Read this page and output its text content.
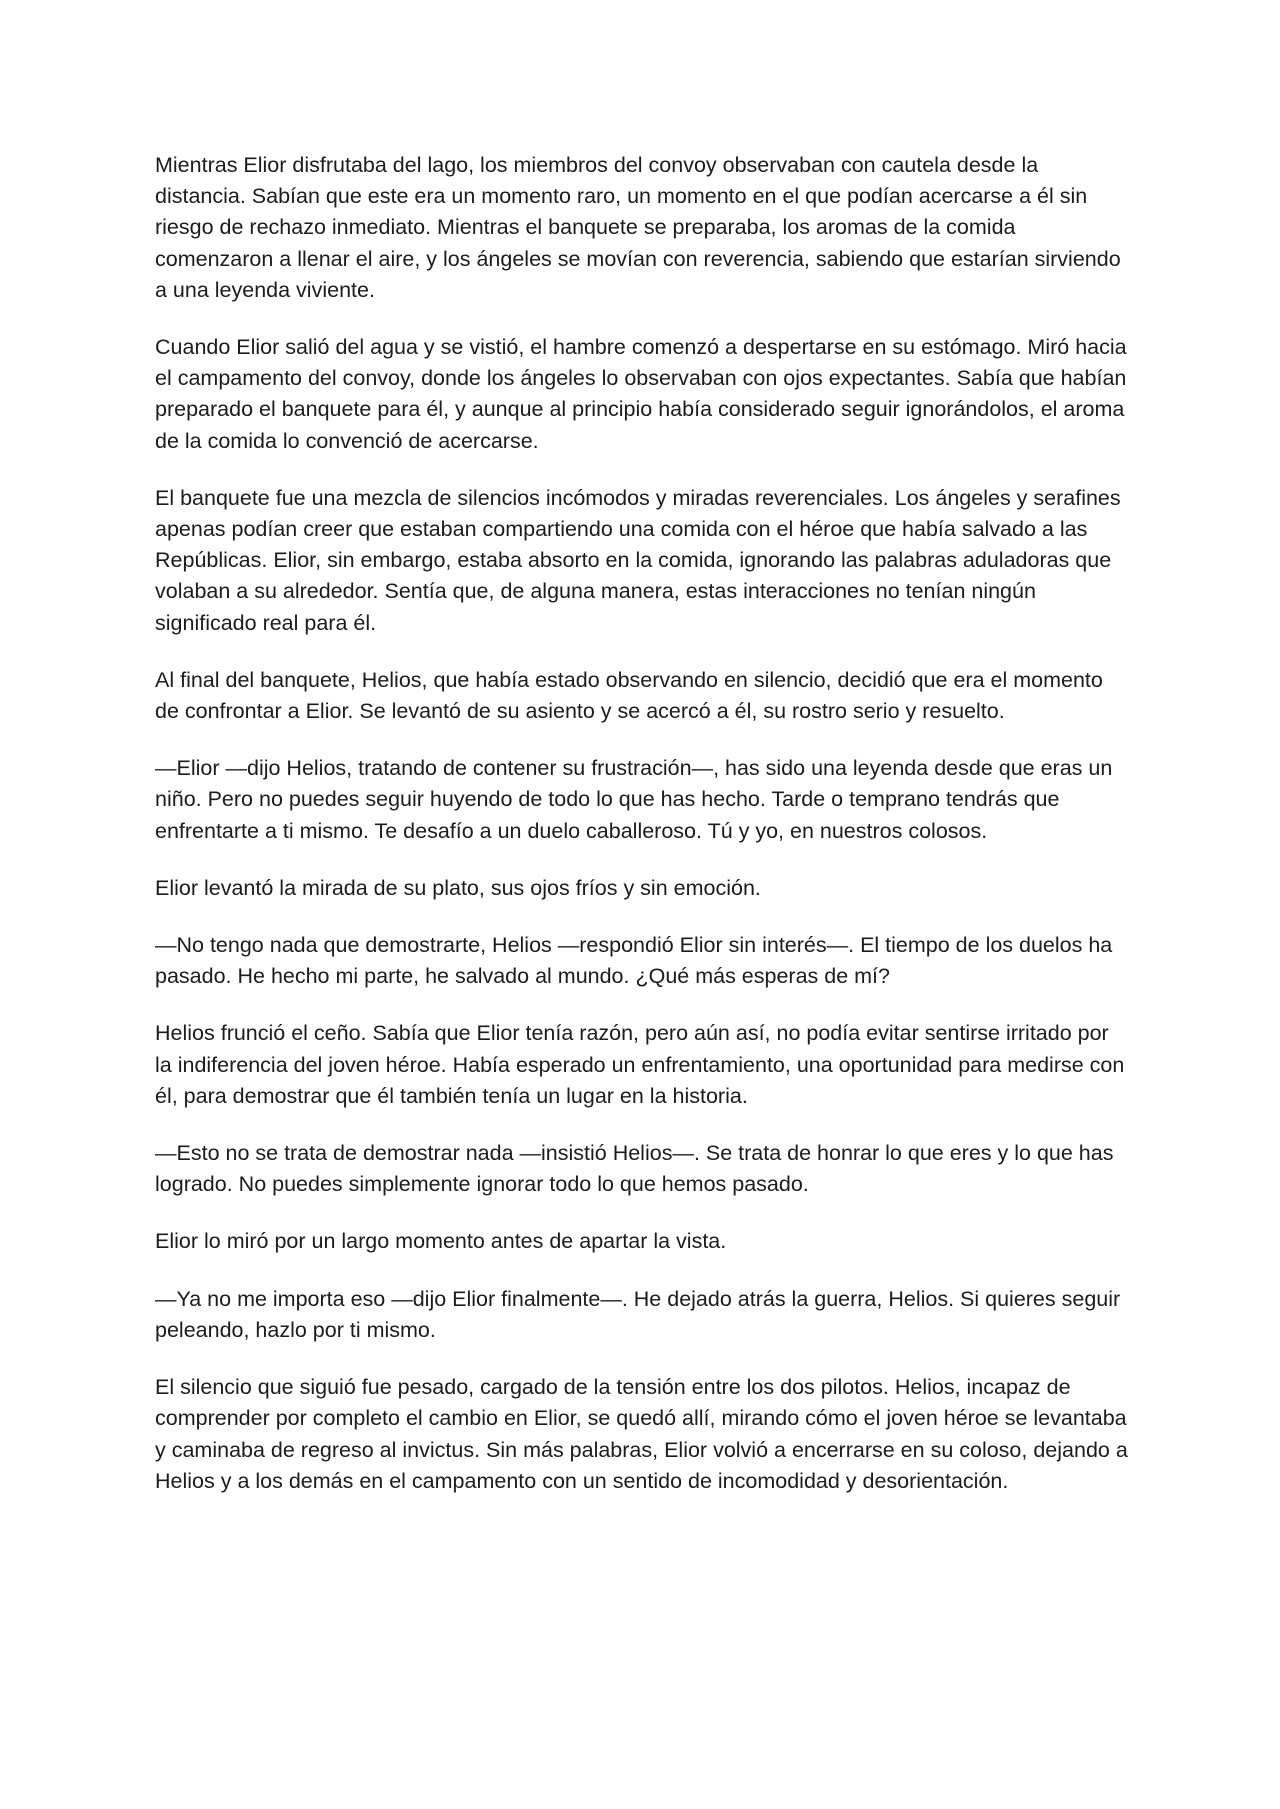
Mientras Elior disfrutaba del lago, los miembros del convoy observaban con cautela desde la distancia. Sabían que este era un momento raro, un momento en el que podían acercarse a él sin riesgo de rechazo inmediato. Mientras el banquete se preparaba, los aromas de la comida comenzaron a llenar el aire, y los ángeles se movían con reverencia, sabiendo que estarían sirviendo a una leyenda viviente.

Cuando Elior salió del agua y se vistió, el hambre comenzó a despertarse en su estómago. Miró hacia el campamento del convoy, donde los ángeles lo observaban con ojos expectantes. Sabía que habían preparado el banquete para él, y aunque al principio había considerado seguir ignorándolos, el aroma de la comida lo convenció de acercarse.

El banquete fue una mezcla de silencios incómodos y miradas reverenciales. Los ángeles y serafines apenas podían creer que estaban compartiendo una comida con el héroe que había salvado a las Repúblicas. Elior, sin embargo, estaba absorto en la comida, ignorando las palabras aduladoras que volaban a su alrededor. Sentía que, de alguna manera, estas interacciones no tenían ningún significado real para él.

Al final del banquete, Helios, que había estado observando en silencio, decidió que era el momento de confrontar a Elior. Se levantó de su asiento y se acercó a él, su rostro serio y resuelto.

—Elior —dijo Helios, tratando de contener su frustración—, has sido una leyenda desde que eras un niño. Pero no puedes seguir huyendo de todo lo que has hecho. Tarde o temprano tendrás que enfrentarte a ti mismo. Te desafío a un duelo caballeroso. Tú y yo, en nuestros colosos.

Elior levantó la mirada de su plato, sus ojos fríos y sin emoción.

—No tengo nada que demostrarte, Helios —respondió Elior sin interés—. El tiempo de los duelos ha pasado. He hecho mi parte, he salvado al mundo. ¿Qué más esperas de mí?

Helios frunció el ceño. Sabía que Elior tenía razón, pero aún así, no podía evitar sentirse irritado por la indiferencia del joven héroe. Había esperado un enfrentamiento, una oportunidad para medirse con él, para demostrar que él también tenía un lugar en la historia.

—Esto no se trata de demostrar nada —insistió Helios—. Se trata de honrar lo que eres y lo que has logrado. No puedes simplemente ignorar todo lo que hemos pasado.

Elior lo miró por un largo momento antes de apartar la vista.

—Ya no me importa eso —dijo Elior finalmente—. He dejado atrás la guerra, Helios. Si quieres seguir peleando, hazlo por ti mismo.

El silencio que siguió fue pesado, cargado de la tensión entre los dos pilotos. Helios, incapaz de comprender por completo el cambio en Elior, se quedó allí, mirando cómo el joven héroe se levantaba y caminaba de regreso al invictus. Sin más palabras, Elior volvió a encerrarse en su coloso, dejando a Helios y a los demás en el campamento con un sentido de incomodidad y desorientación.
